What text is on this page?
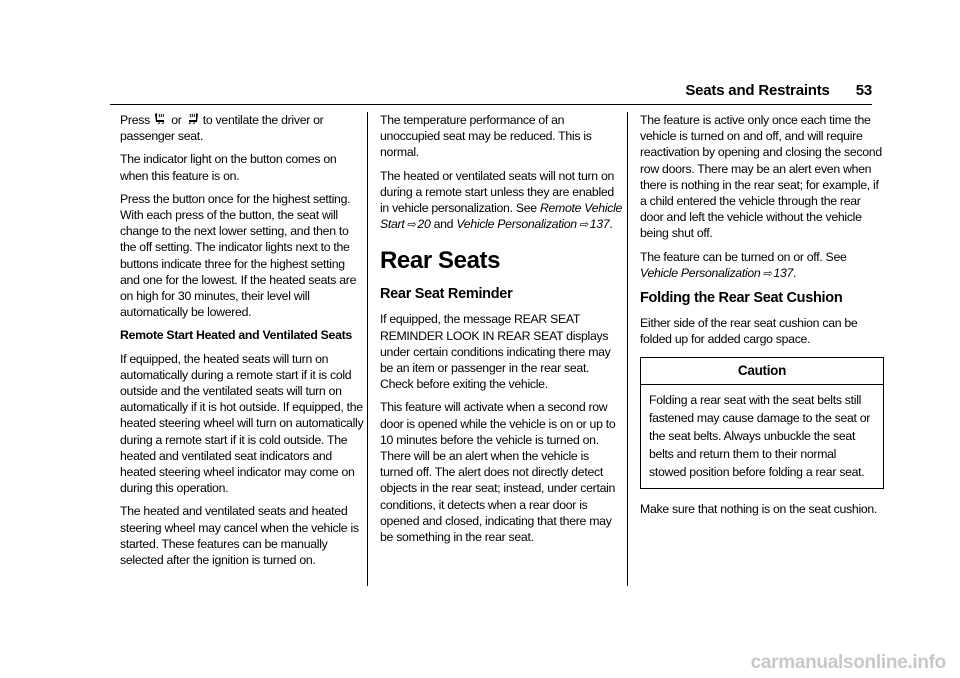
Seats and Restraints 53

Press or to ventilate the driver or passenger seat.

The indicator light on the button comes on when this feature is on.

Press the button once for the highest setting. With each press of the button, the seat will change to the next lower setting, and then to the off setting. The indicator lights next to the buttons indicate three for the highest setting and one for the lowest. If the heated seats are on high for 30 minutes, their level will automatically be lowered.

Remote Start Heated and Ventilated Seats

If equipped, the heated seats will turn on automatically during a remote start if it is cold outside and the ventilated seats will turn on automatically if it is hot outside. If equipped, the heated steering wheel will turn on automatically during a remote start if it is cold outside. The heated and ventilated seat indicators and heated steering wheel indicator may come on during this operation.

The heated and ventilated seats and heated steering wheel may cancel when the vehicle is started. These features can be manually selected after the ignition is turned on.

The temperature performance of an unoccupied seat may be reduced. This is normal.

The heated or ventilated seats will not turn on during a remote start unless they are enabled in vehicle personalization. See Remote Vehicle Start ⇨ 20 and Vehicle Personalization ⇨ 137.

Rear Seats
Rear Seat Reminder

If equipped, the message REAR SEAT REMINDER LOOK IN REAR SEAT displays under certain conditions indicating there may be an item or passenger in the rear seat. Check before exiting the vehicle.

This feature will activate when a second row door is opened while the vehicle is on or up to 10 minutes before the vehicle is turned on. There will be an alert when the vehicle is turned off. The alert does not directly detect objects in the rear seat; instead, under certain conditions, it detects when a rear door is opened and closed, indicating that there may be something in the rear seat.

The feature is active only once each time the vehicle is turned on and off, and will require reactivation by opening and closing the second row doors. There may be an alert even when there is nothing in the rear seat; for example, if a child entered the vehicle through the rear door and left the vehicle without the vehicle being shut off.

The feature can be turned on or off. See Vehicle Personalization ⇨ 137.

Folding the Rear Seat Cushion

Either side of the rear seat cushion can be folded up for added cargo space.

Caution
Folding a rear seat with the seat belts still fastened may cause damage to the seat or the seat belts. Always unbuckle the seat belts and return them to their normal stowed position before folding a rear seat.

Make sure that nothing is on the seat cushion.

carmanualsonline.info
